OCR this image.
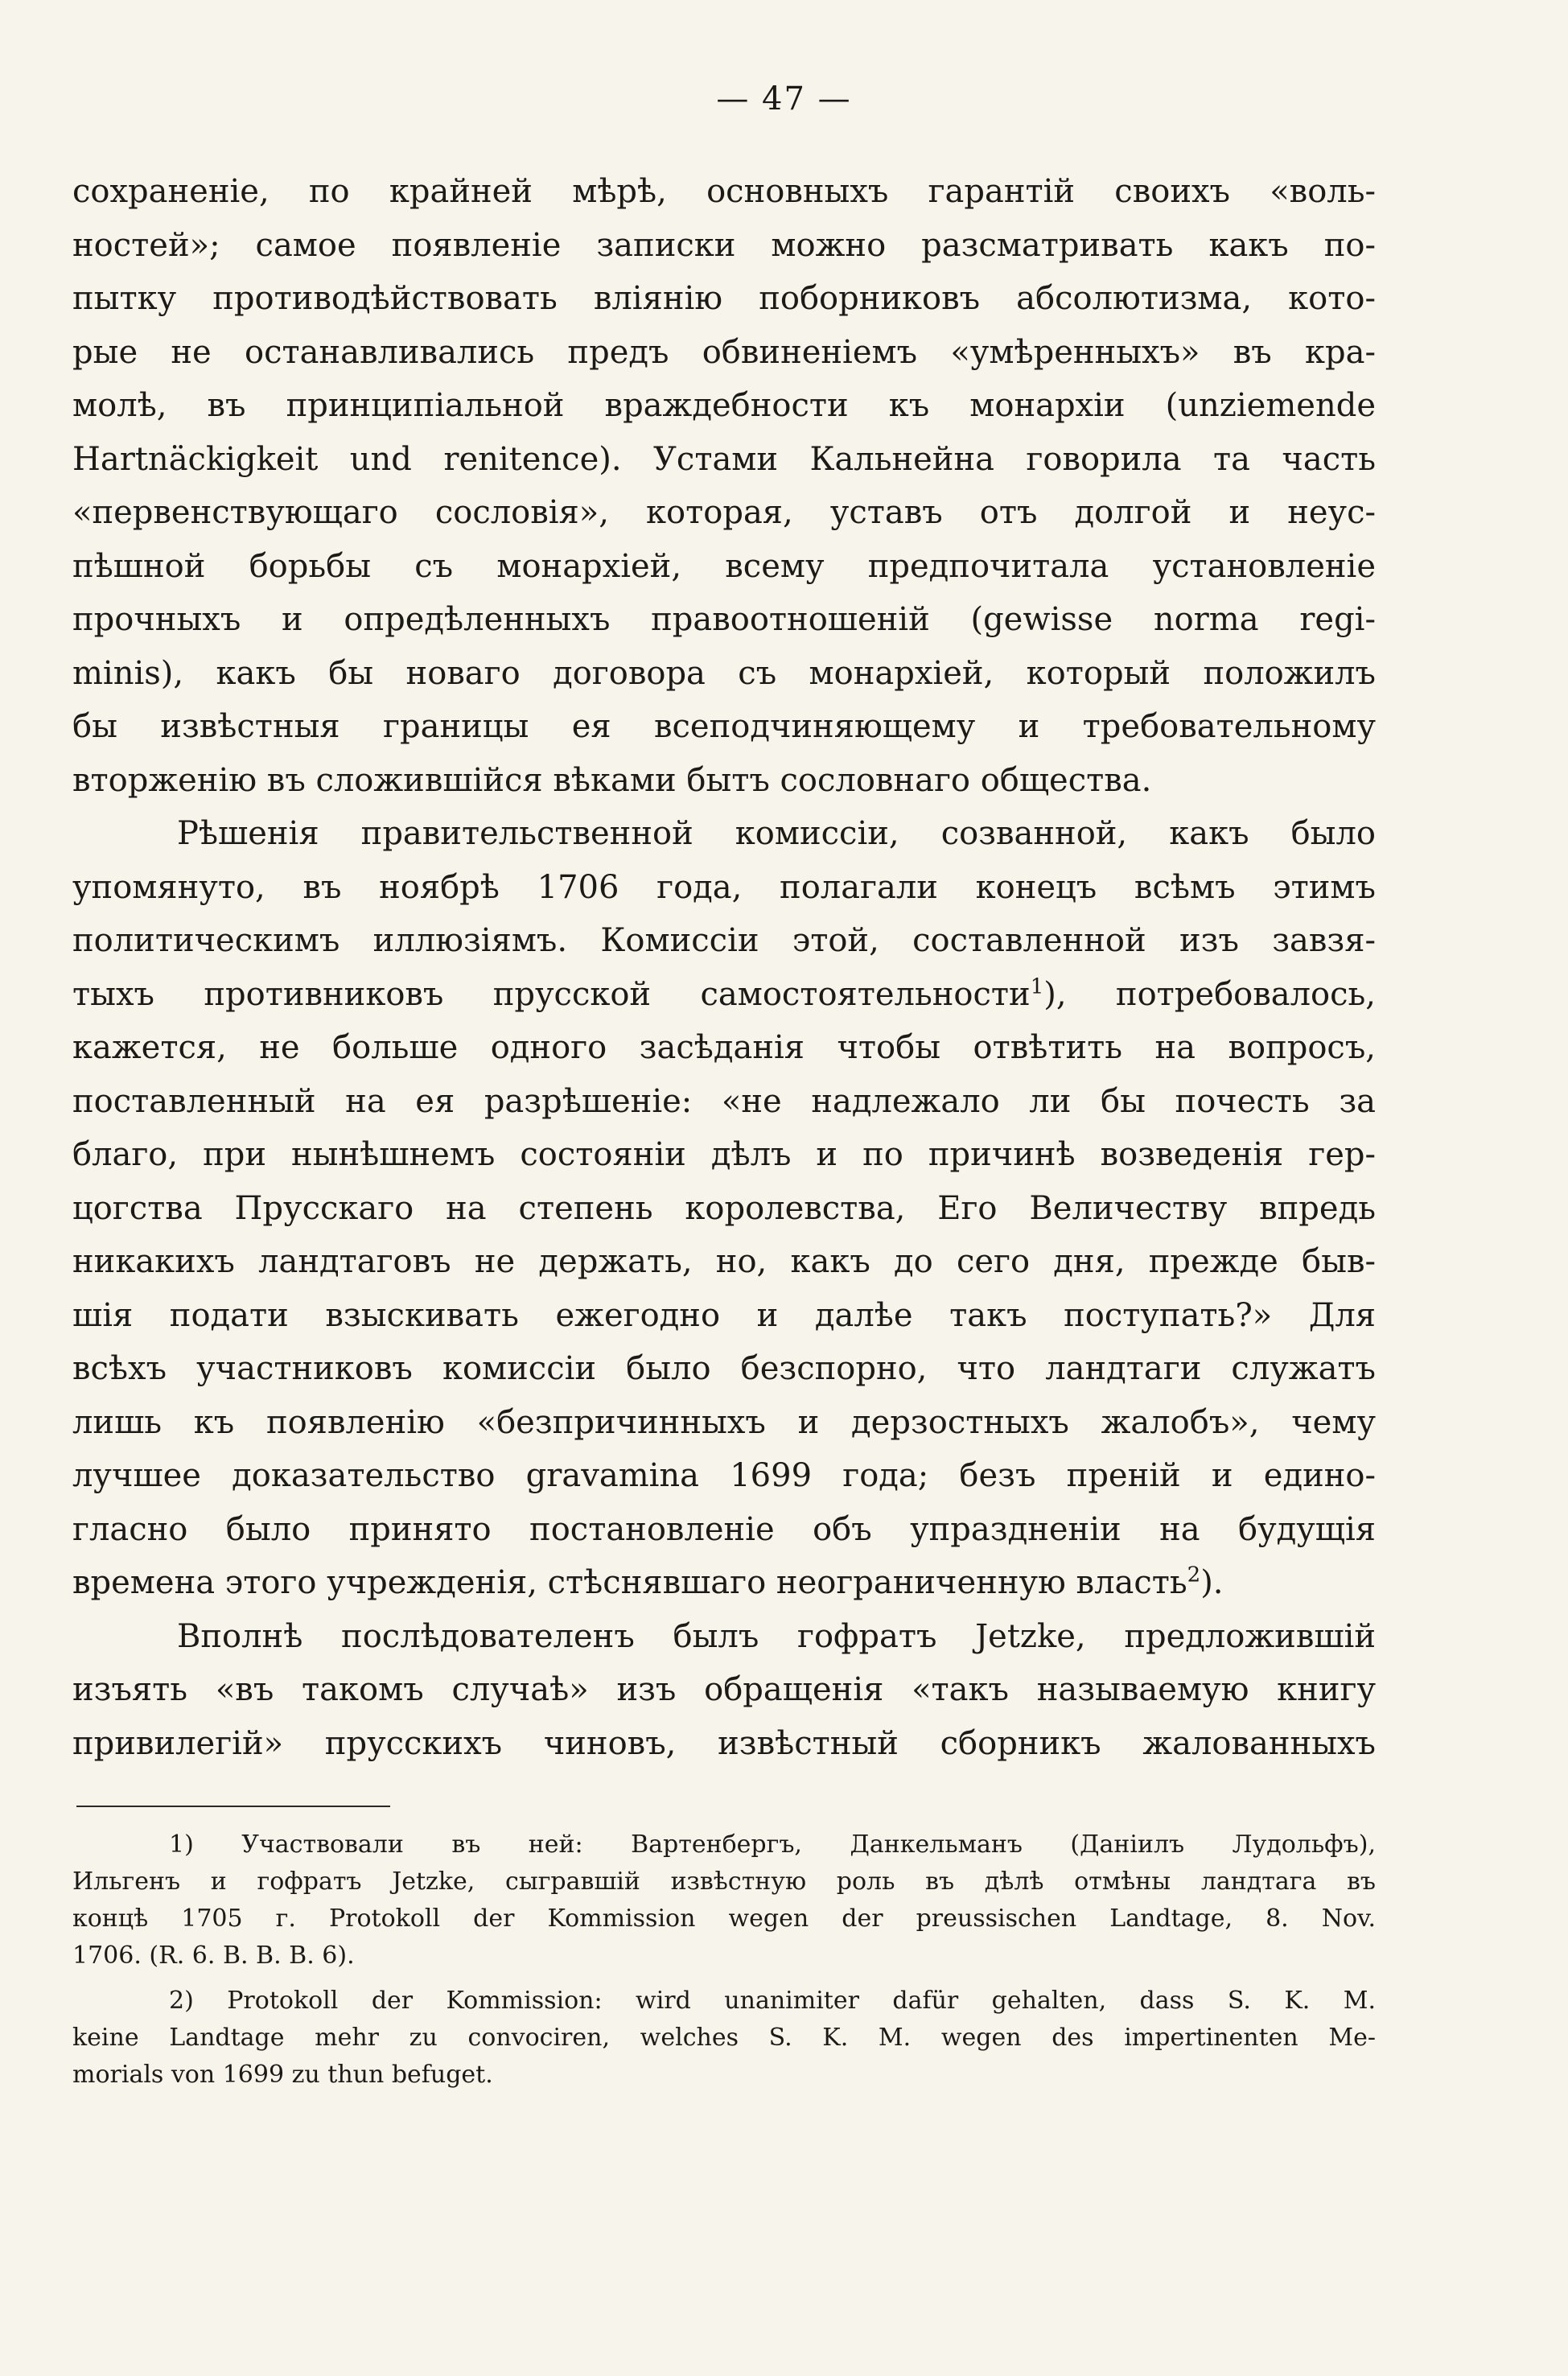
— 47 —
сохраненіе, по крайней мѣрѣ, основныхъ гарантій своихъ «воль-
ностей»; самое появленіе записки можно разсматривать какъ по-
пытку противодѣйствовать вліянію поборниковъ абсолютизма, кото-
рые не останавливались предъ обвиненіемъ «умѣренныхъ» въ кра-
молѣ, въ принципіальной враждебности къ монархіи (unziemende
Hartnäckigkeit und renitence). Устами Кальнейна говорила та часть
«первенствующаго сословія», которая, уставъ отъ долгой и неус-
пѣшной борьбы съ монархіей, всему предпочитала установленіе
прочныхъ и опредѣленныхъ правоотношеній (gewisse norma regi-
minis), какъ бы новаго договора съ монархіей, который положилъ
бы извѣстныя границы ея всеподчиняющему и требовательному
вторженію въ сложившійся вѣками бытъ сословнаго общества.
Рѣшенія правительственной комиссіи, созванной, какъ было
упомянуто, въ ноябрѣ 1706 года, полагали конецъ всѣмъ этимъ
политическимъ иллюзіямъ. Комиссіи этой, составленной изъ завзя-
тыхъ противниковъ прусской самостоятельности$^1$), потребовалось,
кажется, не больше одного засѣданія чтобы отвѣтить на вопросъ,
поставленный на ея разрѣшеніе: «не надлежало ли бы почесть за
благо, при нынѣшнемъ состояніи дѣлъ и по причинѣ возведенія гер-
цогства Прусскаго на степень королевства, Его Величеству впредь
никакихъ ландтаговъ не держать, но, какъ до сего дня, прежде быв-
шія подати взыскивать ежегодно и далѣе такъ поступать?» Для
всѣхъ участниковъ комиссіи было безспорно, что ландтаги служатъ
лишь къ появленію «безпричинныхъ и дерзостныхъ жалобъ», чему
лучшее доказательство gravamina 1699 года; безъ преній и едино-
гласно было принято постановленіе объ упраздненіи на будущія
времена этого учрежденія, стѣснявшаго неограниченную власть$^2$).
Вполнѣ послѣдователенъ былъ гофратъ Jetzke, предложившій
изъять «въ такомъ случаѣ» изъ обращенія «такъ называемую книгу
привилегій» прусскихъ чиновъ, извѣстный сборникъ жалованныхъ
1) Участвовали въ ней: Вартенбергъ, Данкельманъ (Даніилъ Лудольфъ),
Ильгенъ и гофратъ Jetzke, сыгравшій извѣстную роль въ дѣлѣ отмѣны ландтага въ
концѣ 1705 г. Protokoll der Kommission wegen der preussischen Landtage, 8. Nov.
1706. (R. 6. B. B. B. 6).
2) Protokoll der Kommission: wird unanimiter dafür gehalten, dass S. K. M.
keine Landtage mehr zu convociren, welches S. K. M. wegen des impertinenten Me-
morials von 1699 zu thun befuget.
